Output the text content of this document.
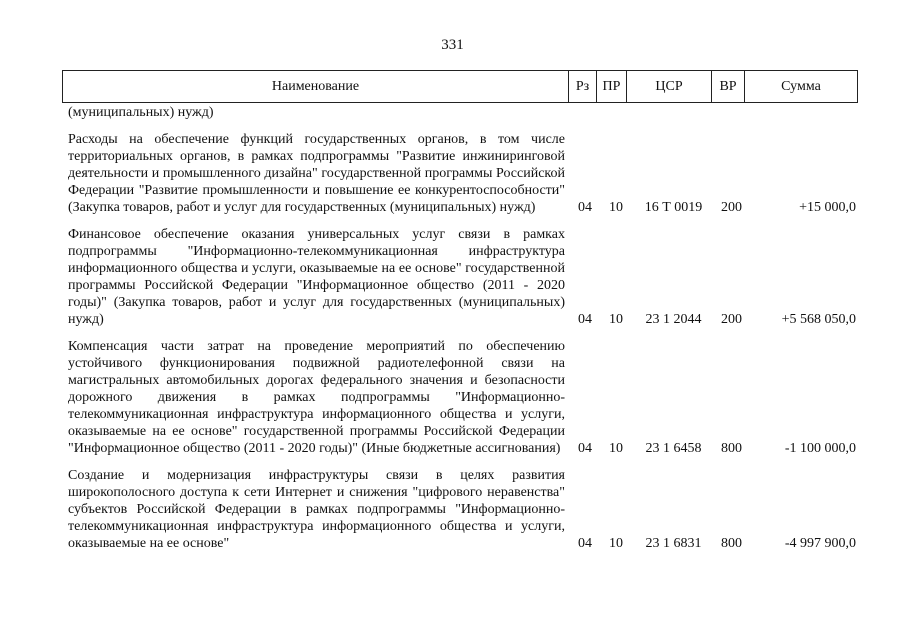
331
Наименование	Рз ПР	ЦСР	ВР	Сумма
(муниципальных) нужд)
Расходы на обеспечение функций государственных органов, в том числе территориальных органов, в рамках подпрограммы "Развитие инжиниринговой деятельности и промышленного дизайна" государственной программы Российской Федерации "Развитие промышленности и повышение ее конкурентоспособности" (Закупка товаров, работ и услуг для государственных (муниципальных) нужд)	04	10	16 Т 0019	200	+15 000,0
Финансовое обеспечение оказания универсальных услуг связи в рамках подпрограммы "Информационно-телекоммуникационная инфраструктура информационного общества и услуги, оказываемые на ее основе" государственной программы Российской Федерации "Информационное общество (2011 - 2020 годы)" (Закупка товаров, работ и услуг для государственных (муниципальных) нужд)	04	10	23 1 2044	200	+5 568 050,0
Компенсация части затрат на проведение мероприятий по обеспечению устойчивого функционирования подвижной радиотелефонной связи на магистральных автомобильных дорогах федерального значения и безопасности дорожного движения в рамках подпрограммы "Информационно-телекоммуникационная инфраструктура информационного общества и услуги, оказываемые на ее основе" государственной программы Российской Федерации "Информационное общество (2011 - 2020 годы)" (Иные бюджетные ассигнования)	04	10	23 1 6458	800	-1 100 000,0
Создание и модернизация инфраструктуры связи в целях развития широкополосного доступа к сети Интернет и снижения "цифрового неравенства" субъектов Российской Федерации в рамках подпрограммы "Информационно-телекоммуникационная инфраструктура информационного общества и услуги, оказываемые на ее основе"	04	10	23 1 6831	800	-4 997 900,0
